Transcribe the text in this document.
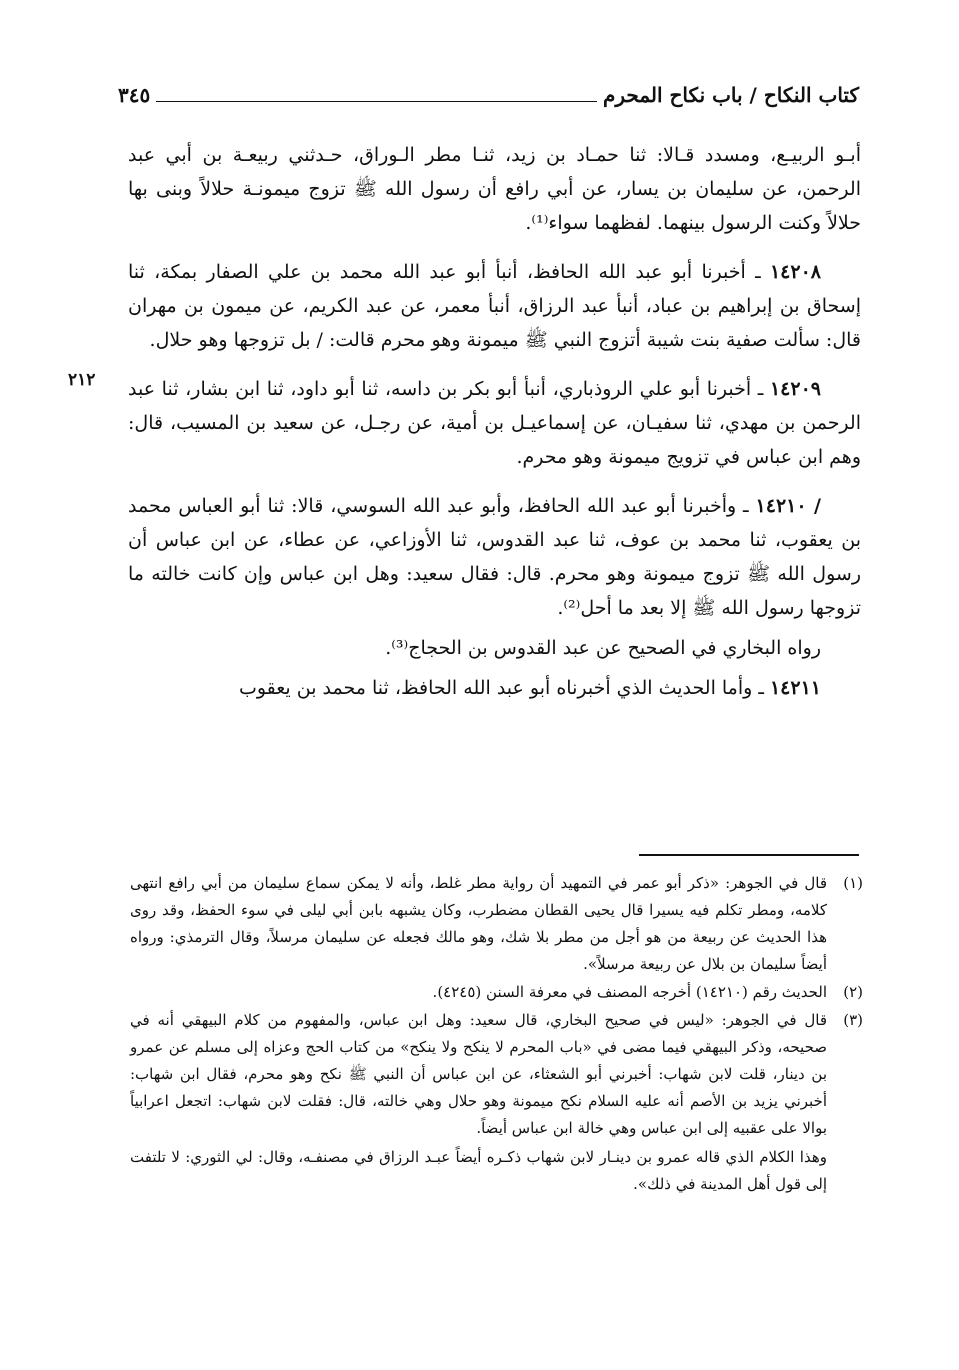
كتاب النكاح / باب نكاح المحرم
٣٤٥

أبـو الربيـع، ومسدد قـالا: ثنا حمـاد بن زيد، ثنـا مطر الـوراق، حـدثني ربيعـة بن أبي عبد الرحمن، عن سليمان بن يسار، عن أبي رافع أن رسول الله ﷺ تزوج ميمونـة حلالاً وبنى بها حلالاً وكنت الرسول بينهما. لفظهما سواء⁽¹⁾.

١٤٢٠٨ ـ أخبرنا أبو عبد الله الحافظ، أنبأ أبو عبد الله محمد بن علي الصفار بمكة، ثنا إسحاق بن إبراهيم بن عباد، أنبأ عبد الرزاق، أنبأ معمر، عن عبد الكريم، عن ميمون بن مهران قال: سألت صفية بنت شيبة أتزوج النبي ﷺ ميمونة وهو محرم قالت: / بل تزوجها وهو حلال.

١٤٢٠٩ ـ أخبرنا أبو علي الروذباري، أنبأ أبو بكر بن داسه، ثنا أبو داود، ثنا ابن بشار، ثنا عبد الرحمن بن مهدي، ثنا سفيـان، عن إسماعيـل بن أمية، عن رجـل، عن سعيد بن المسيب، قال: وهم ابن عباس في تزويج ميمونة وهو محرم.

/ ١٤٢١٠ ـ وأخبرنا أبو عبد الله الحافظ، وأبو عبد الله السوسي، قالا: ثنا أبو العباس محمد بن يعقوب، ثنا محمد بن عوف، ثنا عبد القدوس، ثنا الأوزاعي، عن عطاء، عن ابن عباس أن رسول الله ﷺ تزوج ميمونة وهو محرم. قال: فقال سعيد: وهل ابن عباس وإن كانت خالته ما تزوجها رسول الله ﷺ إلا بعد ما أحل⁽²⁾.

رواه البخاري في الصحيح عن عبد القدوس بن الحجاج⁽³⁾.

١٤٢١١ ـ وأما الحديث الذي أخبرناه أبو عبد الله الحافظ، ثنا محمد بن يعقوب

٢١٢
(١)
قال في الجوهر: «ذكر أبو عمر في التمهيد أن رواية مطر غلط، وأنه لا يمكن سماع سليمان من أبي رافع انتهى كلامه، ومطر تكلم فيه يسيرا قال يحيى القطان مضطرب، وكان يشبهه بابن أبي ليلى في سوء الحفظ، وقد روى هذا الحديث عن ربيعة من هو أجل من مطر بلا شك، وهو مالك فجعله عن سليمان مرسلاً، وقال الترمذي: ورواه أيضاً سليمان بن بلال عن ربيعة مرسلاً».
(٢)
الحديث رقم (١٤٢١٠) أخرجه المصنف في معرفة السنن (٤٢٤٥).
(٣)
قال في الجوهر: «ليس في صحيح البخاري، قال سعيد: وهل ابن عباس، والمفهوم من كلام البيهقي أنه في صحيحه، وذكر البيهقي فيما مضى في «باب المحرم لا ينكح ولا ينكح» من كتاب الحج وعزاه إلى مسلم عن عمرو بن دينار، قلت لابن شهاب: أخبرني أبو الشعثاء، عن ابن عباس أن النبي ﷺ نكح وهو محرم، فقال ابن شهاب: أخبرني يزيد بن الأصم أنه عليه السلام نكح ميمونة وهو حلال وهي خالته، قال: فقلت لابن شهاب: اتجعل اعرابياً بوالا على عقبيه إلى ابن عباس وهي خالة ابن عباس أيضاً.
وهذا الكلام الذي قاله عمرو بن دينـار لابن شهاب ذكـره أيضاً عبـد الرزاق في مصنفـه، وقال: لي الثوري: لا تلتفت إلى قول أهل المدينة في ذلك».
